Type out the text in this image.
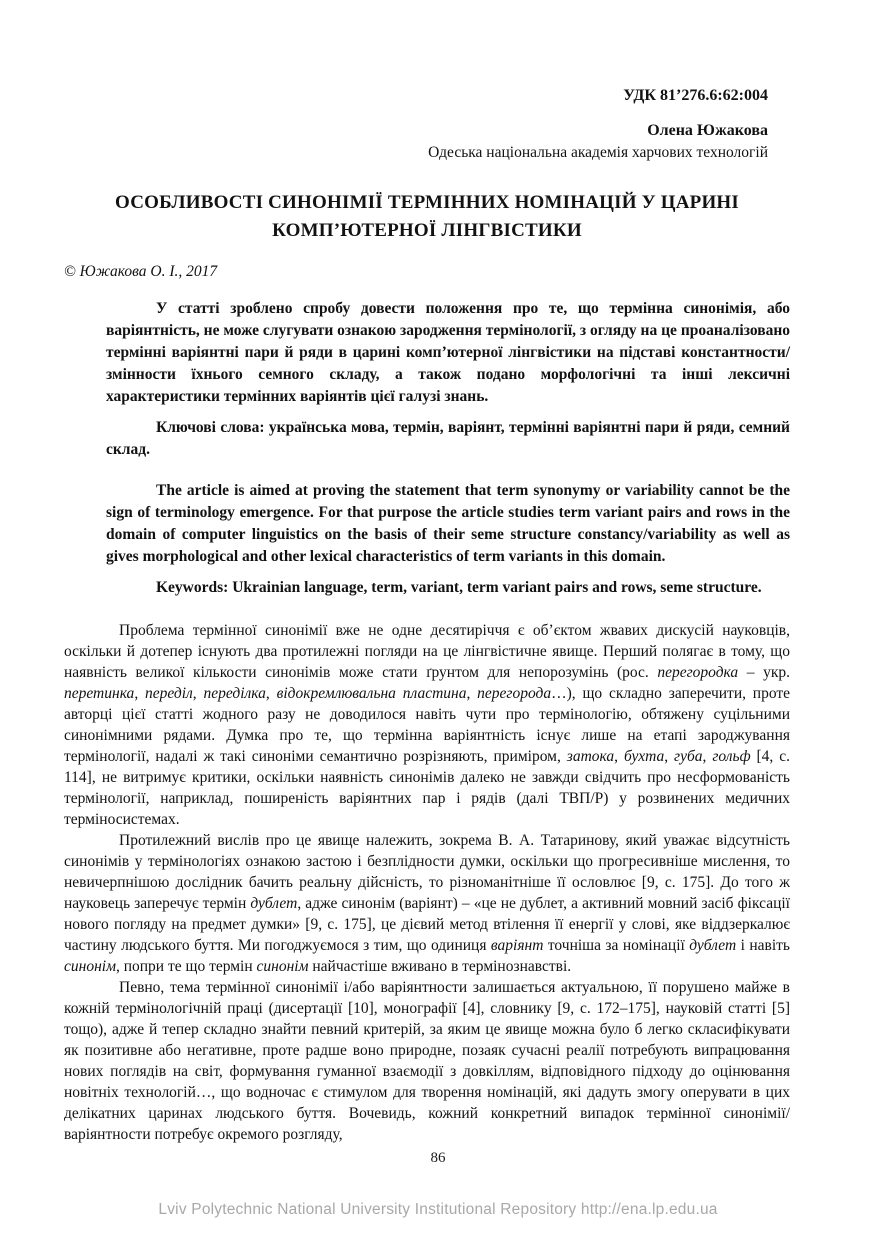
УДК 81’276.6:62:004
Олена Южакова
Одеська національна академія харчових технологій
ОСОБЛИВОСТІ СИНОНІМІЇ ТЕРМІННИХ НОМІНАЦІЙ У ЦАРИНІ КОМП’ЮТЕРНОЇ ЛІНГВІСТИКИ
© Южакова О. І., 2017

У статті зроблено спробу довести положення про те, що термінна синонімія, або варіянтність, не може слугувати ознакою зародження термінології, з огляду на це проаналізовано термінні варіянтні пари й ряди в царині комп’ютерної лінгвістики на підставі константности/змінности їхнього семного складу, а також подано морфологічні та інші лексичні характеристики термінних варіянтів цієї галузі знань.

Ключові слова: українська мова, термін, варіянт, термінні варіянтні пари й ряди, семний склад.

The article is aimed at proving the statement that term synonymy or variability cannot be the sign of terminology emergence. For that purpose the article studies term variant pairs and rows in the domain of computer linguistics on the basis of their seme structure constancy/variability as well as gives morphological and other lexical characteristics of term variants in this domain.

Keywords: Ukrainian language, term, variant, term variant pairs and rows, seme structure.

Проблема термінної синонімії вже не одне десятиріччя є об’єктом жвавих дискусій науковців, оскільки й дотепер існують два протилежні погляди на це лінгвістичне явище. Перший полягає в тому, що наявність великої кількости синонімів може стати ґрунтом для непорозумінь (рос. перегородка – укр. перетинка, переділ, переділка, відокремлювальна пластина, перегорода…), що складно заперечити, проте авторці цієї статті жодного разу не доводилося навіть чути про термінологію, обтяжену суцільними синонімними рядами. Думка про те, що термінна варіянтність існує лише на етапі зароджування термінології, надалі ж такі синоніми семантично розрізняють, приміром, затока, бухта, губа, гольф [4, с. 114], не витримує критики, оскільки наявність синонімів далеко не завжди свідчить про несформованість термінології, наприклад, поширеність варіянтних пар і рядів (далі ТВП/Р) у розвинених медичних терміносистемах.

Протилежний вислів про це явище належить, зокрема В. А. Татаринову, який уважає відсутність синонімів у термінологіях ознакою застою і безплідности думки, оскільки що прогресивніше мислення, то невичерпнішою дослідник бачить реальну дійсність, то різноманітніше її ословлює [9, с. 175]. До того ж науковець заперечує термін дублет, адже синонім (варіянт) – «це не дублет, а активний мовний засіб фіксації нового погляду на предмет думки» [9, с. 175], це дієвий метод втілення її енергії у слові, яке віддзеркалює частину людського буття. Ми погоджуємося з тим, що одиниця варіянт точніша за номінації дублет і навіть синонім, попри те що термін синонім найчастіше вживано в термінознавстві.

Певно, тема термінної синонімії і/або варіянтности залишається актуальною, її порушено майже в кожній термінологічній праці (дисертації [10], монографії [4], словнику [9, с. 172–175], науковій статті [5] тощо), адже й тепер складно знайти певний критерій, за яким це явище можна було б легко скласифікувати як позитивне або негативне, проте радше воно природне, позаяк сучасні реалії потребують випрацювання нових поглядів на світ, формування гуманної взаємодії з довкіллям, відповідного підходу до оцінювання новітніх технологій…, що водночас є стимулом для творення номінацій, які дадуть змогу оперувати в цих делікатних царинах людського буття. Вочевидь, кожний конкретний випадок термінної синонімії/варіянтности потребує окремого розгляду,

86
Lviv Polytechnic National University Institutional Repository http://ena.lp.edu.ua
